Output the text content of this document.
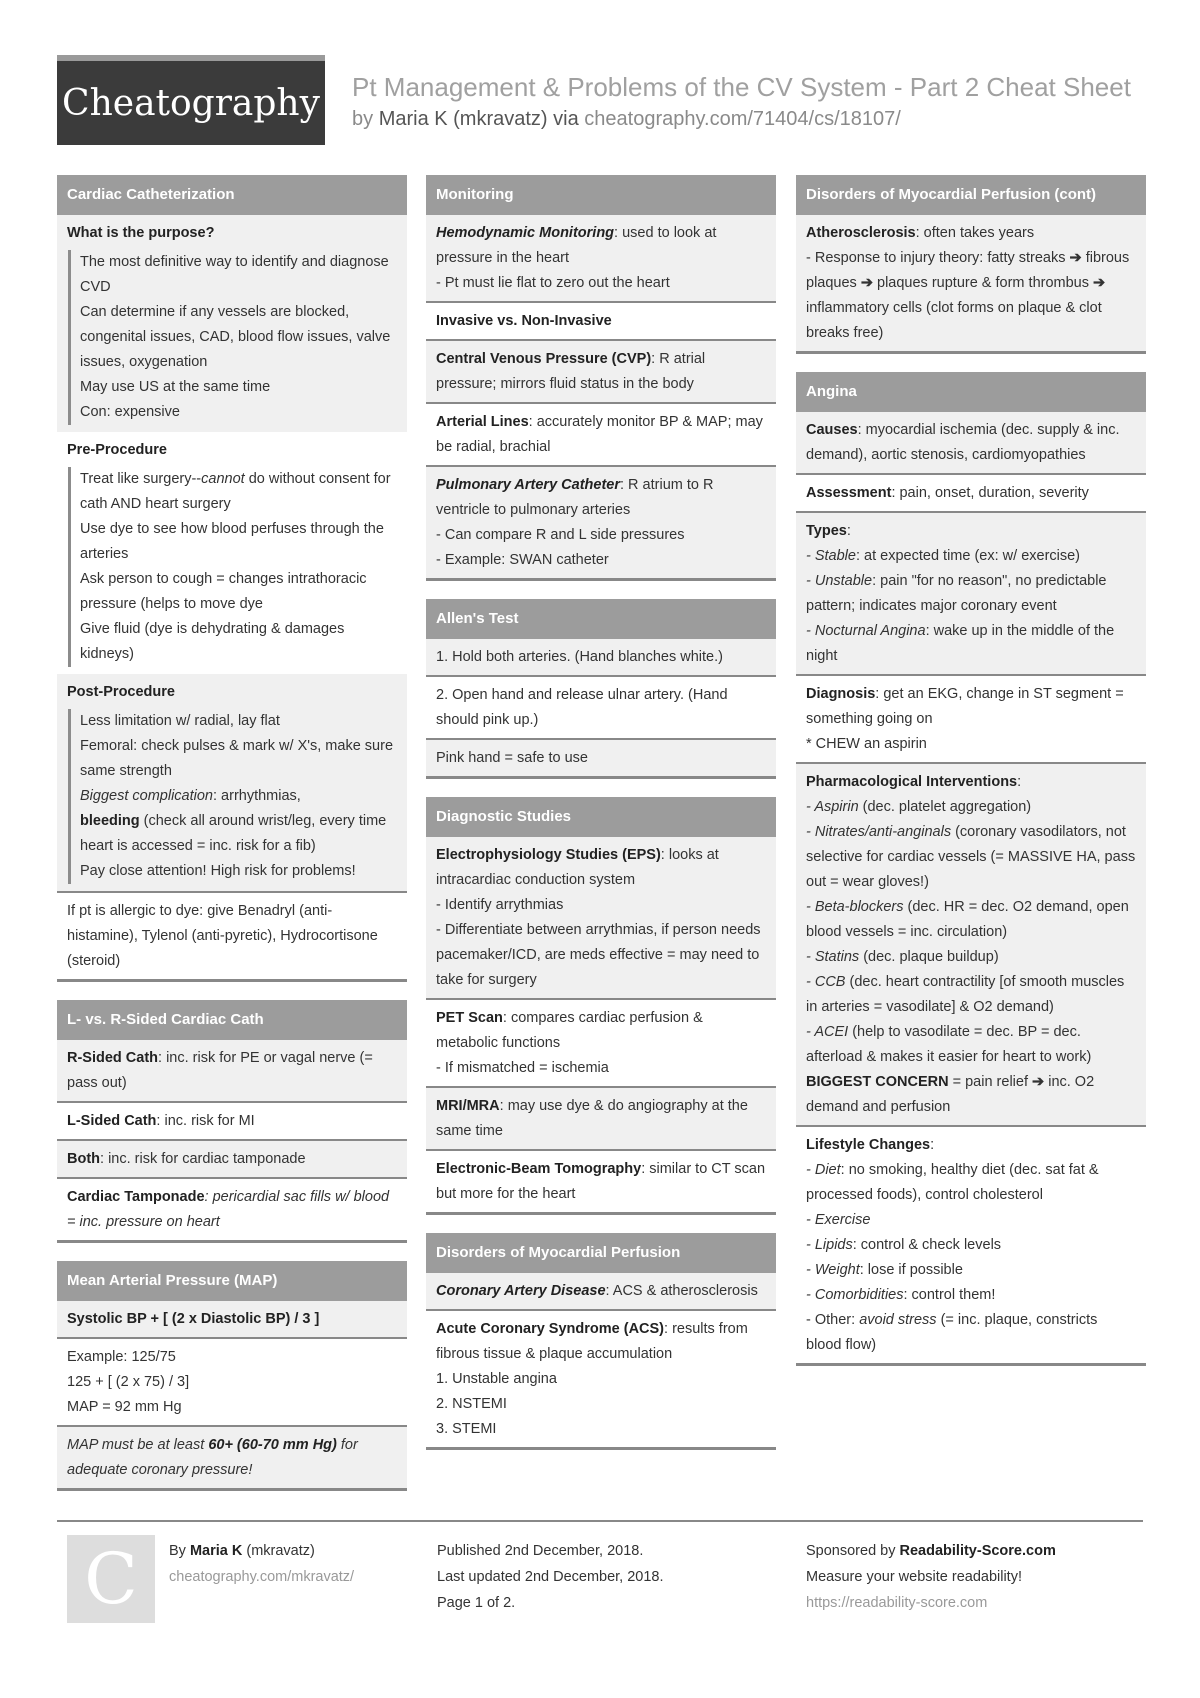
Cheatography Pt Management & Problems of the CV System - Part 2 Cheat Sheet
by Maria K (mkravatz) via cheatography.com/71404/cs/18107/
Cardiac Catheterization
What is the purpose?
The most definitive way to identify and diagnose CVD
Can determine if any vessels are blocked, congenital issues, CAD, blood flow issues, valve issues, oxygenation
May use US at the same time
Con: expensive
Pre-Procedure
Treat like surgery--cannot do without consent for cath AND heart surgery
Use dye to see how blood perfuses through the arteries
Ask person to cough = changes intrathoracic pressure (helps to move dye
Give fluid (dye is dehydrating & damages kidneys)
Post-Procedure
Less limitation w/ radial, lay flat
Femoral: check pulses & mark w/ X's, make sure same strength
Biggest complication: arrhythmias,
bleeding (check all around wrist/leg, every time heart is accessed = inc. risk for a fib)
Pay close attention! High risk for problems!
If pt is allergic to dye: give Benadryl (anti-histamine), Tylenol (anti-pyretic), Hydrocortisone (steroid)
L- vs. R-Sided Cardiac Cath
R-Sided Cath: inc. risk for PE or vagal nerve (= pass out)
L-Sided Cath: inc. risk for MI
Both: inc. risk for cardiac tamponade
Cardiac Tamponade: pericardial sac fills w/ blood = inc. pressure on heart
Mean Arterial Pressure (MAP)
Systolic BP + [ (2 x Diastolic BP) / 3 ]
Example: 125/75
125 + [ (2 x 75) / 3]
MAP = 92 mm Hg
MAP must be at least 60+ (60-70 mm Hg) for adequate coronary pressure!
Monitoring
Hemodynamic Monitoring: used to look at pressure in the heart
- Pt must lie flat to zero out the heart
Invasive vs. Non-Invasive
Central Venous Pressure (CVP): R atrial pressure; mirrors fluid status in the body
Arterial Lines: accurately monitor BP & MAP; may be radial, brachial
Pulmonary Artery Catheter: R atrium to R ventricle to pulmonary arteries
- Can compare R and L side pressures
- Example: SWAN catheter
Allen's Test
1. Hold both arteries. (Hand blanches white.)
2. Open hand and release ulnar artery. (Hand should pink up.)
Pink hand = safe to use
Diagnostic Studies
Electrophysiology Studies (EPS): looks at intracardiac conduction system
- Identify arrythmias
- Differentiate between arrythmias, if person needs pacemaker/ICD, are meds effective = may need to take for surgery
PET Scan: compares cardiac perfusion & metabolic functions
- If mismatched = ischemia
MRI/MRA: may use dye & do angiography at the same time
Electronic-Beam Tomography: similar to CT scan but more for the heart
Disorders of Myocardial Perfusion
Coronary Artery Disease: ACS & atherosclerosis
Acute Coronary Syndrome (ACS): results from fibrous tissue & plaque accumulation
1. Unstable angina
2. NSTEMI
3. STEMI
Disorders of Myocardial Perfusion (cont)
Atherosclerosis: often takes years
- Response to injury theory: fatty streaks ➔ fibrous plaques ➔ plaques rupture & form thrombus ➔ inflammatory cells (clot forms on plaque & clot breaks free)
Angina
Causes: myocardial ischemia (dec. supply & inc. demand), aortic stenosis, cardiomyopathies
Assessment: pain, onset, duration, severity
Types:
- Stable: at expected time (ex: w/ exercise)
- Unstable: pain "for no reason", no predictable pattern; indicates major coronary event
- Nocturnal Angina: wake up in the middle of the night
Diagnosis: get an EKG, change in ST segment = something going on
* CHEW an aspirin
Pharmacological Interventions:
- Aspirin (dec. platelet aggregation)
- Nitrates/anti-anginals (coronary vasodilators, not selective for cardiac vessels (= MASSIVE HA, pass out = wear gloves!)
- Beta-blockers (dec. HR = dec. O2 demand, open blood vessels = inc. circulation)
- Statins (dec. plaque buildup)
- CCB (dec. heart contractility [of smooth muscles in arteries = vasodilate] & O2 demand)
- ACEI (help to vasodilate = dec. BP = dec. afterload & makes it easier for heart to work)
BIGGEST CONCERN = pain relief ➔ inc. O2 demand and perfusion
Lifestyle Changes:
- Diet: no smoking, healthy diet (dec. sat fat & processed foods), control cholesterol
- Exercise
- Lipids: control & check levels
- Weight: lose if possible
- Comorbidities: control them!
- Other: avoid stress (= inc. plaque, constricts blood flow)
C	By Maria K (mkravatz)
cheatography.com/mkravatz/
Published 2nd December, 2018.
Last updated 2nd December, 2018.
Page 1 of 2.
Sponsored by Readability-Score.com
Measure your website readability!
https://readability-score.com
